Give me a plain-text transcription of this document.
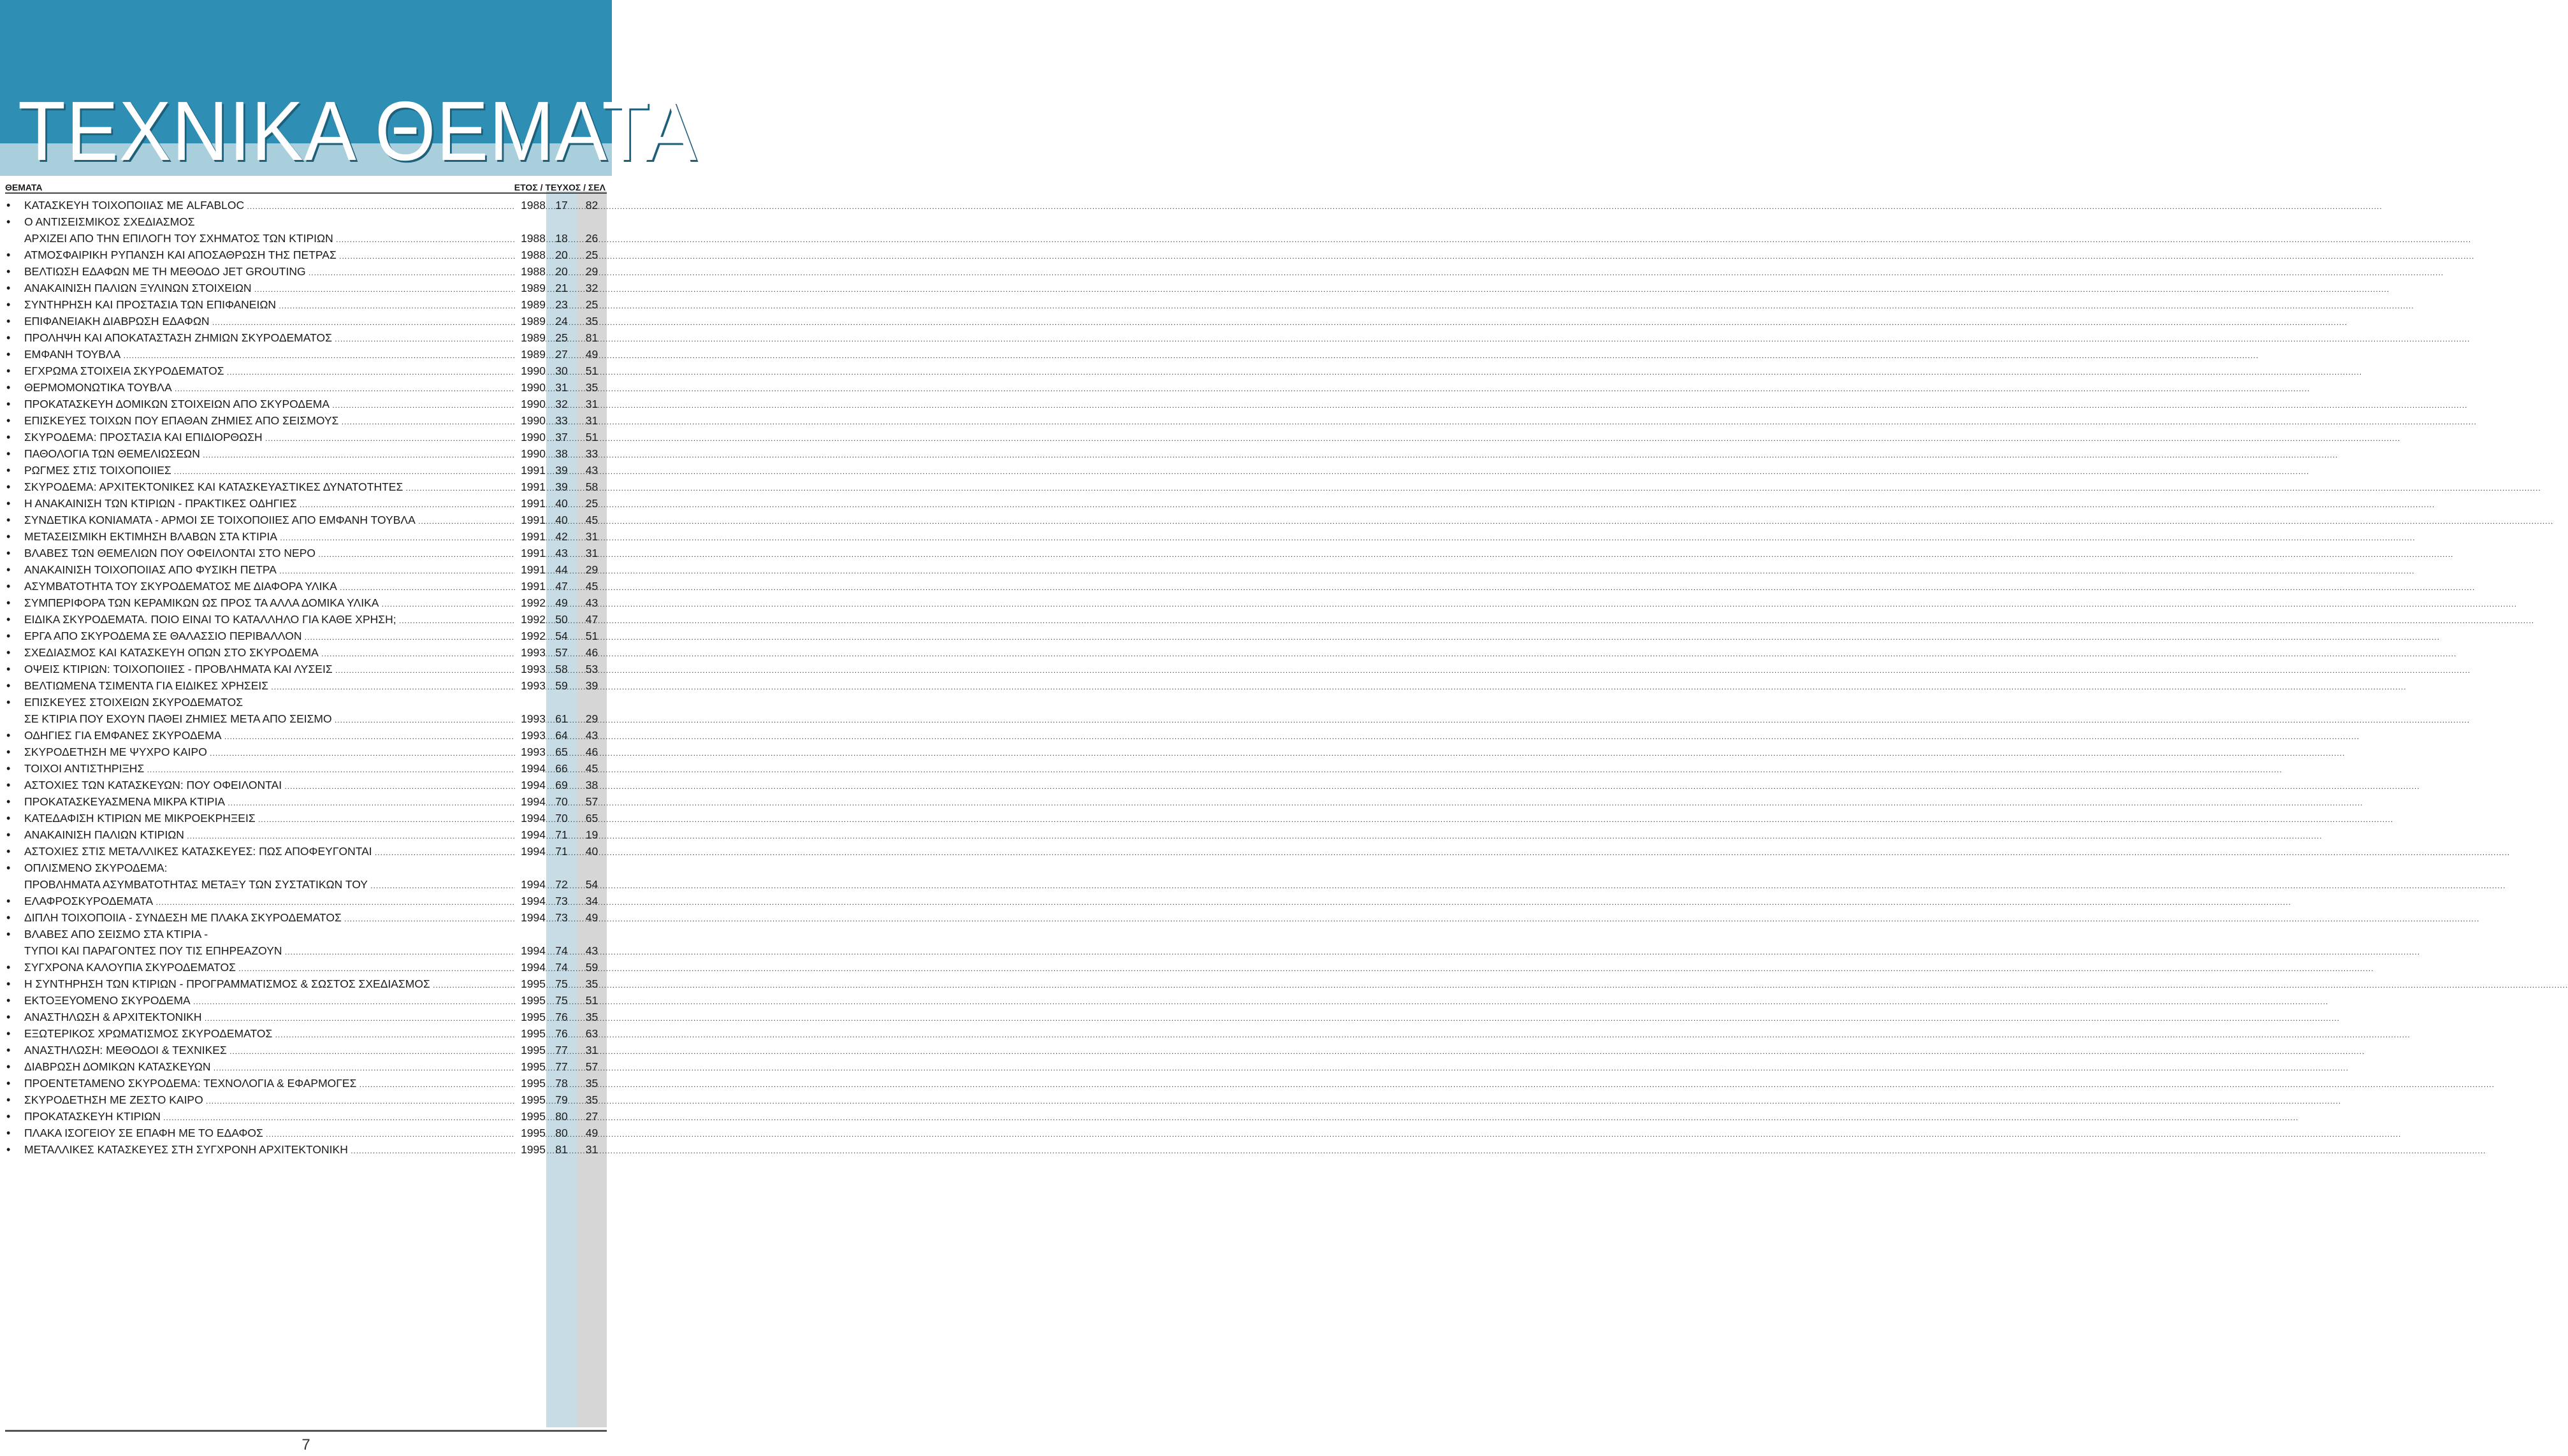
ΤΕΧΝΙΚΑ ΘΕΜΑΤΑ
ΘΕΜΑΤΑ	ΕΤΟΣ / ΤΕΥΧΟΣ / ΣΕΛ
•	ΚΑΤΑΣΚΕΥΗ ΤΟΙΧΟΠΟΙΙΑΣ ΜΕ ALFABLOC .....	1988 17	82
•	Ο ΑΝΤΙΣΕΙΣΜΙΚΟΣ ΣΧΕΔΙΑΣΜΟΣ
ΑΡΧΙΖΕΙ ΑΠΟ ΤΗΝ ΕΠΙΛΟΓΗ ΤΟΥ ΣΧΗΜΑΤΟΣ ΤΩΝ ΚΤΙΡΙΩΝ .....	1988 18	26
•	ΑΤΜΟΣΦΑΙΡΙΚΗ ΡΥΠΑΝΣΗ ΚΑΙ ΑΠΟΣΑΘΡΩΣΗ ΤΗΣ ΠΕΤΡΑΣ .....	1988 20	25
•	ΒΕΛΤΙΩΣΗ ΕΔΑΦΩΝ ΜΕ ΤΗ ΜΕΘΟΔΟ JET GROUTING .....	1988 20	29
•	ΑΝΑΚΑΙΝΙΣΗ ΠΑΛΙΩΝ ΞΥΛΙΝΩΝ ΣΤΟΙΧΕΙΩΝ .....	1989 21	32
•	ΣΥΝΤΗΡΗΣΗ ΚΑΙ ΠΡΟΣΤΑΣΙΑ ΤΩΝ ΕΠΙΦΑΝΕΙΩΝ .....	1989 23	25
•	ΕΠΙΦΑΝΕΙΑΚΗ ΔΙΑΒΡΩΣΗ ΕΔΑΦΩΝ .....	1989 24	35
•	ΠΡΟΛΗΨΗ ΚΑΙ ΑΠΟΚΑΤΑΣΤΑΣΗ ΖΗΜΙΩΝ ΣΚΥΡΟΔΕΜΑΤΟΣ .....	1989 25	81
•	ΕΜΦΑΝΗ ΤΟΥΒΛΑ .....	1989 27	49
•	ΕΓΧΡΩΜΑ ΣΤΟΙΧΕΙΑ ΣΚΥΡΟΔΕΜΑΤΟΣ .....	1990 30	51
•	ΘΕΡΜΟΜΟΝΩΤΙΚΑ ΤΟΥΒΛΑ .....	1990 31	35
•	ΠΡΟΚΑΤΑΣΚΕΥΗ ΔΟΜΙΚΩΝ ΣΤΟΙΧΕΙΩΝ ΑΠΟ ΣΚΥΡΟΔΕΜΑ .....	1990 32	31
•	ΕΠΙΣΚΕΥΕΣ ΤΟΙΧΩΝ ΠΟΥ ΕΠΑΘΑΝ ΖΗΜΙΕΣ ΑΠΟ ΣΕΙΣΜΟΥΣ .....	1990 33	31
•	ΣΚΥΡΟΔΕΜΑ: ΠΡΟΣΤΑΣΙΑ ΚΑΙ ΕΠΙΔΙΟΡΘΩΣΗ .....	1990 37	51
•	ΠΑΘΟΛΟΓΙΑ ΤΩΝ ΘΕΜΕΛΙΩΣΕΩΝ .....	1990 38	33
•	ΡΩΓΜΕΣ ΣΤΙΣ ΤΟΙΧΟΠΟΙΙΕΣ .....	1991 39	43
•	ΣΚΥΡΟΔΕΜΑ: ΑΡΧΙΤΕΚΤΟΝΙΚΕΣ ΚΑΙ ΚΑΤΑΣΚΕΥΑΣΤΙΚΕΣ ΔΥΝΑΤΟΤΗΤΕΣ .....	1991 39	58
•	Η ΑΝΑΚΑΙΝΙΣΗ ΤΩΝ ΚΤΙΡΙΩΝ - ΠΡΑΚΤΙΚΕΣ ΟΔΗΓΙΕΣ .....	1991 40	25
•	ΣΥΝΔΕΤΙΚΑ ΚΟΝΙΑΜΑΤΑ - ΑΡΜΟΙ ΣΕ ΤΟΙΧΟΠΟΙΙΕΣ ΑΠΟ ΕΜΦΑΝΗ ΤΟΥΒΛΑ .....	1991 40	45
•	ΜΕΤΑΣΕΙΣΜΙΚΗ ΕΚΤΙΜΗΣΗ ΒΛΑΒΩΝ ΣΤΑ ΚΤΙΡΙΑ .....	1991 42	31
•	ΒΛΑΒΕΣ ΤΩΝ ΘΕΜΕΛΙΩΝ ΠΟΥ ΟΦΕΙΛΟΝΤΑΙ ΣΤΟ ΝΕΡΟ .....	1991 43	31
•	ΑΝΑΚΑΙΝΙΣΗ ΤΟΙΧΟΠΟΙΙΑΣ ΑΠΟ ΦΥΣΙΚΗ ΠΕΤΡΑ .....	1991 44	29
•	ΑΣΥΜΒΑΤΟΤΗΤΑ ΤΟΥ ΣΚΥΡΟΔΕΜΑΤΟΣ ΜΕ ΔΙΑΦΟΡΑ ΥΛΙΚΑ .....	1991 47	45
•	ΣΥΜΠΕΡΙΦΟΡΑ ΤΩΝ ΚΕΡΑΜΙΚΩΝ ΩΣ ΠΡΟΣ ΤΑ ΑΛΛΑ ΔΟΜΙΚΑ ΥΛΙΚΑ .....	1992 49	43
•	ΕΙΔΙΚΑ ΣΚΥΡΟΔΕΜΑΤΑ. ΠΟΙΟ ΕΙΝΑΙ ΤΟ ΚΑΤΑΛΛΗΛΟ ΓΙΑ ΚΑΘΕ ΧΡΗΣΗ; .....	1992 50	47
•	ΕΡΓΑ ΑΠΟ ΣΚΥΡΟΔΕΜΑ ΣΕ ΘΑΛΑΣΣΙΟ ΠΕΡΙΒΑΛΛΟΝ .....	1992 54	51
•	ΣΧΕΔΙΑΣΜΟΣ ΚΑΙ ΚΑΤΑΣΚΕΥΗ ΟΠΩΝ ΣΤΟ ΣΚΥΡΟΔΕΜΑ .....	1993 57	46
•	ΟΨΕΙΣ ΚΤΙΡΙΩΝ: ΤΟΙΧΟΠΟΙΙΕΣ - ΠΡΟΒΛΗΜΑΤΑ ΚΑΙ ΛΥΣΕΙΣ .....	1993 58	53
•	ΒΕΛΤΙΩΜΕΝΑ ΤΣΙΜΕΝΤΑ ΓΙΑ ΕΙΔΙΚΕΣ ΧΡΗΣΕΙΣ .....	1993 59	39
•	ΕΠΙΣΚΕΥΕΣ ΣΤΟΙΧΕΙΩΝ ΣΚΥΡΟΔΕΜΑΤΟΣ
ΣΕ ΚΤΙΡΙΑ ΠΟΥ ΕΧΟΥΝ ΠΑΘΕΙ ΖΗΜΙΕΣ ΜΕΤΑ ΑΠΟ ΣΕΙΣΜΟ .....	1993 61	29
•	ΟΔΗΓΙΕΣ ΓΙΑ ΕΜΦΑΝΕΣ ΣΚΥΡΟΔΕΜΑ .....	1993 64	43
•	ΣΚΥΡΟΔΕΤΗΣΗ ΜΕ ΨΥΧΡΟ ΚΑΙΡΟ .....	1993 65	46
•	ΤΟΙΧΟΙ ΑΝΤΙΣΤΗΡΙΞΗΣ .....	1994 66	45
•	ΑΣΤΟΧΙΕΣ ΤΩΝ ΚΑΤΑΣΚΕΥΩΝ: ΠΟΥ ΟΦΕΙΛΟΝΤΑΙ .....	1994 69	38
•	ΠΡΟΚΑΤΑΣΚΕΥΑΣΜΕΝΑ ΜΙΚΡΑ ΚΤΙΡΙΑ .....	1994 70	57
•	ΚΑΤΕΔΑΦΙΣΗ ΚΤΙΡΙΩΝ ΜΕ ΜΙΚΡΟΕΚΡΗΞΕΙΣ .....	1994 70	65
•	ΑΝΑΚΑΙΝΙΣΗ ΠΑΛΙΩΝ ΚΤΙΡΙΩΝ .....	1994 71	19
•	ΑΣΤΟΧΙΕΣ ΣΤΙΣ ΜΕΤΑΛΛΙΚΕΣ ΚΑΤΑΣΚΕΥΕΣ: ΠΩΣ ΑΠΟΦΕΥΓΟΝΤΑΙ .....	1994 71	40
•	ΟΠΛΙΣΜΕΝΟ ΣΚΥΡΟΔΕΜΑ:
ΠΡΟΒΛΗΜΑΤΑ ΑΣΥΜΒΑΤΟΤΗΤΑΣ ΜΕΤΑΞΥ ΤΩΝ ΣΥΣΤΑΤΙΚΩΝ ΤΟΥ .....	1994 72	54
•	ΕΛΑΦΡΟΣΚΥΡΟΔΕΜΑΤΑ .....	1994 73	34
•	ΔΙΠΛΗ ΤΟΙΧΟΠΟΙΙΑ - ΣΥΝΔΕΣΗ ΜΕ ΠΛΑΚΑ ΣΚΥΡΟΔΕΜΑΤΟΣ .....	1994 73	49
•	ΒΛΑΒΕΣ ΑΠΟ ΣΕΙΣΜΟ ΣΤΑ ΚΤΙΡΙΑ -
ΤΥΠΟΙ ΚΑΙ ΠΑΡΑΓΟΝΤΕΣ ΠΟΥ ΤΙΣ ΕΠΗΡΕΑΖΟΥΝ .....	1994 74	43
•	ΣΥΓΧΡΟΝΑ ΚΑΛΟΥΠΙΑ ΣΚΥΡΟΔΕΜΑΤΟΣ .....	1994 74	59
•	Η ΣΥΝΤΗΡΗΣΗ ΤΩΝ ΚΤΙΡΙΩΝ - ΠΡΟΓΡΑΜΜΑΤΙΣΜΟΣ & ΣΩΣΤΟΣ ΣΧΕΔΙΑΣΜΟΣ .....	1995 75	35
•	ΕΚΤΟΞΕΥΟΜΕΝΟ ΣΚΥΡΟΔΕΜΑ .....	1995 75	51
•	ΑΝΑΣΤΗΛΩΣΗ & ΑΡΧΙΤΕΚΤΟΝΙΚΗ .....	1995 76	35
•	ΕΞΩΤΕΡΙΚΟΣ ΧΡΩΜΑΤΙΣΜΟΣ ΣΚΥΡΟΔΕΜΑΤΟΣ .....	1995 76	63
•	ΑΝΑΣΤΗΛΩΣΗ: ΜΕΘΟΔΟΙ & ΤΕΧΝΙΚΕΣ .....	1995 77	31
•	ΔΙΑΒΡΩΣΗ ΔΟΜΙΚΩΝ ΚΑΤΑΣΚΕΥΩΝ .....	1995 77	57
•	ΠΡΟΕΝΤΕΤΑΜΕΝΟ ΣΚΥΡΟΔΕΜΑ: ΤΕΧΝΟΛΟΓΙΑ & ΕΦΑΡΜΟΓΕΣ .....	1995 78	35
•	ΣΚΥΡΟΔΕΤΗΣΗ ΜΕ ΖΕΣΤΟ ΚΑΙΡΟ .....	1995 79	35
•	ΠΡΟΚΑΤΑΣΚΕΥΗ ΚΤΙΡΙΩΝ .....	1995 80	27
•	ΠΛΑΚΑ ΙΣΟΓΕΙΟΥ ΣΕ ΕΠΑΦΗ ΜΕ ΤΟ ΕΔΑΦΟΣ .....	1995 80	49
•	ΜΕΤΑΛΛΙΚΕΣ ΚΑΤΑΣΚΕΥΕΣ ΣΤΗ ΣΥΓΧΡΟΝΗ ΑΡΧΙΤΕΚΤΟΝΙΚΗ .....	1995 81	31
7
